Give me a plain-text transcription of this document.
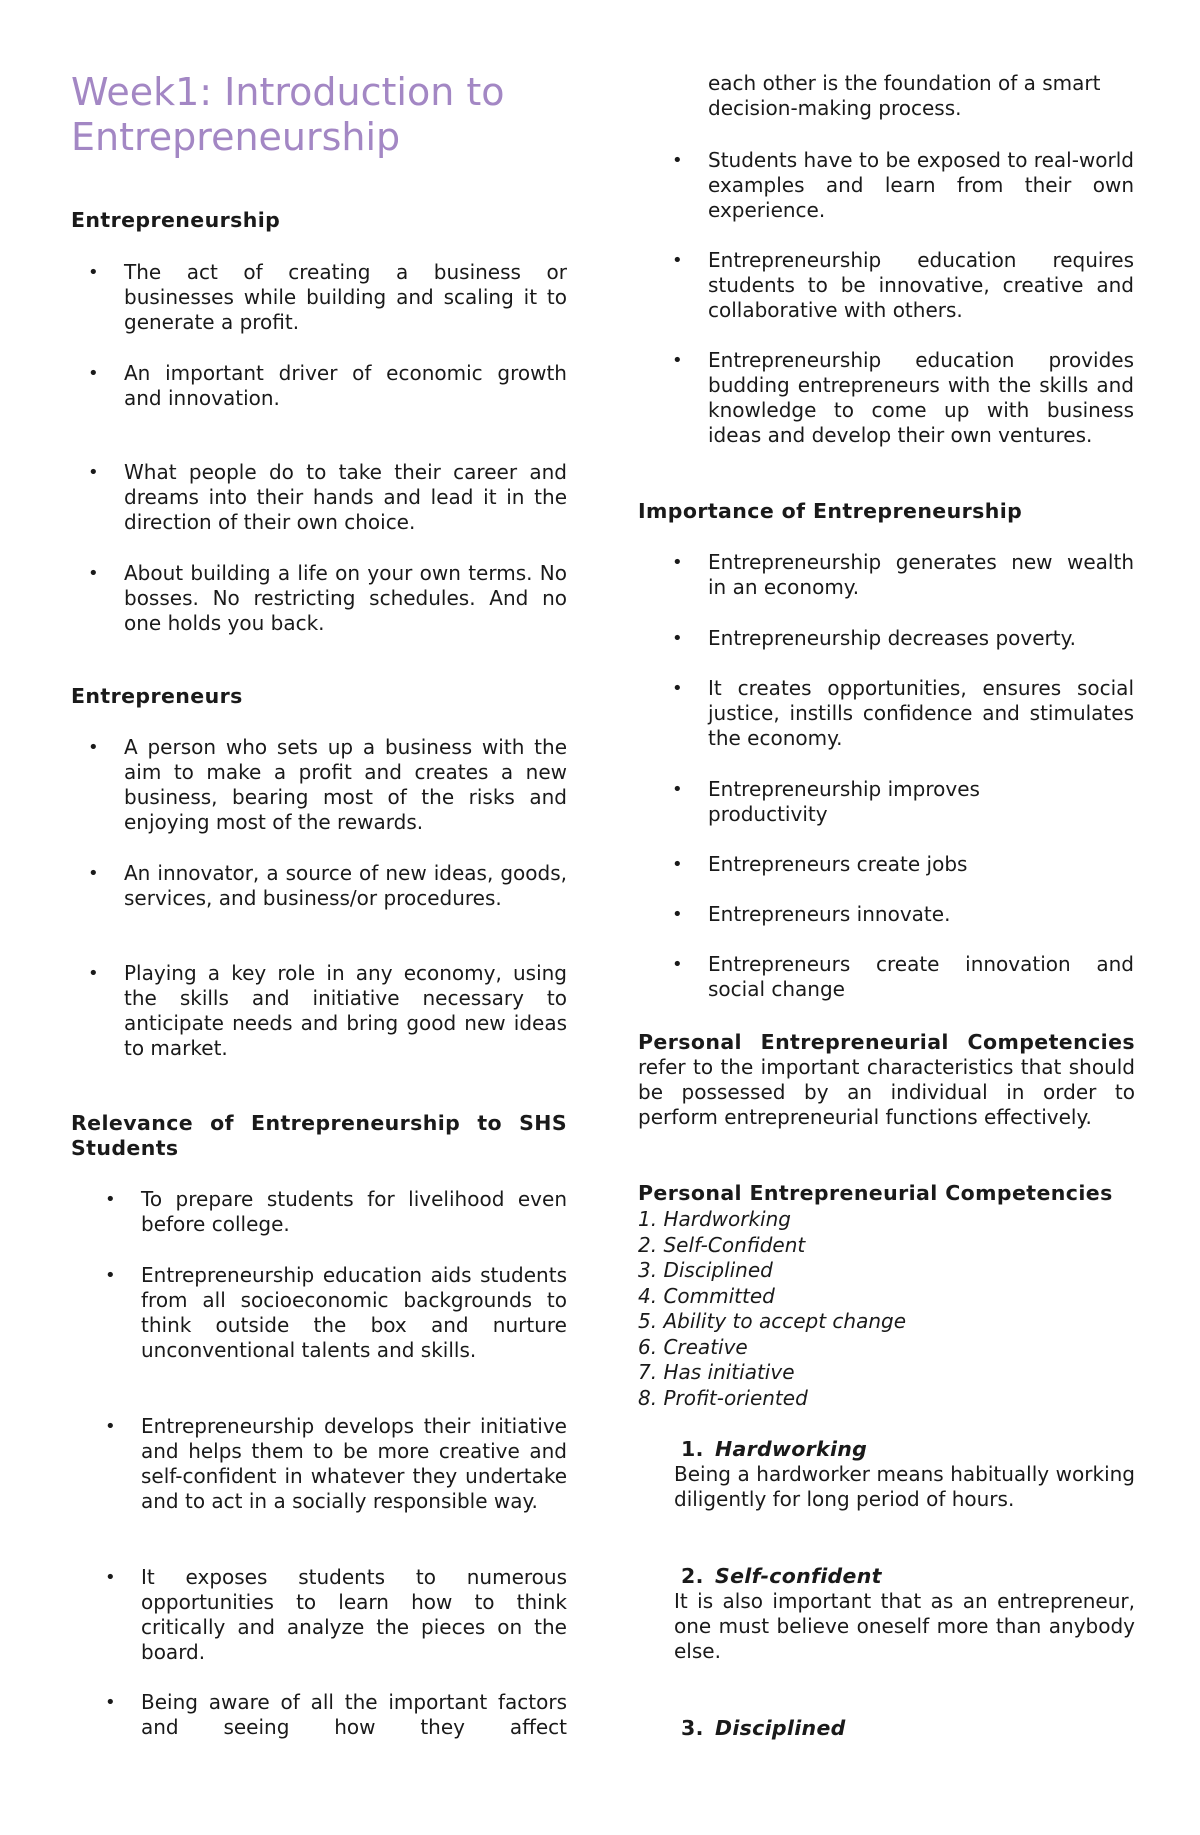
Week1: Introduction to Entrepreneurship
Entrepreneurship
• The act of creating a business or businesses while building and scaling it to generate a profit.

• An important driver of economic growth and innovation.

• What people do to take their career and dreams into their hands and lead it in the direction of their own choice.

• About building a life on your own terms. No bosses. No restricting schedules. And no one holds you back.

Entrepreneurs
• A person who sets up a business with the aim to make a profit and creates a new business, bearing most of the risks and enjoying most of the rewards.

• An innovator, a source of new ideas, goods, services, and business/or procedures.

• Playing a key role in any economy, using the skills and initiative necessary to anticipate needs and bring good new ideas to market.

Relevance of Entrepreneurship to SHS Students
• To prepare students for livelihood even before college.

• Entrepreneurship education aids students from all socioeconomic backgrounds to think outside the box and nurture unconventional talents and skills.

• Entrepreneurship develops their initiative and helps them to be more creative and self-confident in whatever they undertake and to act in a socially responsible way.

• It exposes students to numerous opportunities to learn how to think critically and analyze the pieces on the board.

• Being aware of all the important factors and seeing how they affect

each other is the foundation of a smart decision-making process.

• Students have to be exposed to real-world examples and learn from their own experience.

• Entrepreneurship education requires students to be innovative, creative and collaborative with others.

• Entrepreneurship education provides budding entrepreneurs with the skills and knowledge to come up with business ideas and develop their own ventures.

Importance of Entrepreneurship
• Entrepreneurship generates new wealth in an economy.

• Entrepreneurship decreases poverty.

• It creates opportunities, ensures social justice, instills confidence and stimulates the economy.

• Entrepreneurship improves productivity

• Entrepreneurs create jobs

• Entrepreneurs innovate.

• Entrepreneurs create innovation and social change

Personal Entrepreneurial Competencies refer to the important characteristics that should be possessed by an individual in order to perform entrepreneurial functions effectively.
Personal Entrepreneurial Competencies
1. Hardworking
2. Self-Confident
3. Disciplined
4. Committed
5. Ability to accept change
6. Creative
7. Has initiative
8. Profit-oriented
1. Hardworking

Being a hardworker means habitually working diligently for long period of hours.

2. Self-confident

It is also important that as an entrepreneur, one must believe oneself more than anybody else.

3. Disciplined
